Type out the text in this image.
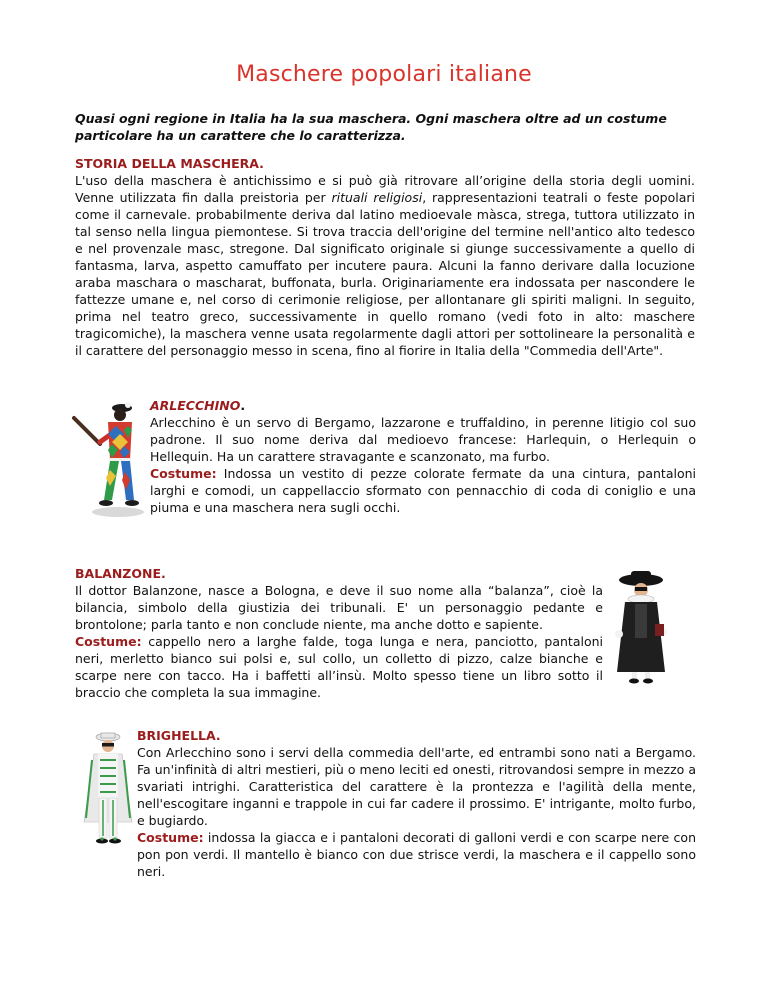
Maschere popolari italiane
Quasi ogni regione in Italia ha la sua maschera. Ogni maschera oltre ad un costume particolare ha un carattere che lo caratterizza.
STORIA DELLA MASCHERA.
L'uso della maschera è antichissimo e si può già ritrovare all’origine della storia degli uomini. Venne utilizzata fin dalla preistoria per rituali religiosi, rappresentazioni teatrali o feste popolari come il carnevale. probabilmente deriva dal latino medioevale màsca, strega, tuttora utilizzato in tal senso nella lingua piemontese. Si trova traccia dell'origine del termine nell'antico alto tedesco e nel provenzale masc, stregone. Dal significato originale si giunge successivamente a quello di fantasma, larva, aspetto camuffato per incutere paura. Alcuni la fanno derivare dalla locuzione araba maschara o mascharat, buffonata, burla. Originariamente era indossata per nascondere le fattezze umane e, nel corso di cerimonie religiose, per allontanare gli spiriti maligni. In seguito, prima nel teatro greco, successivamente in quello romano (vedi foto in alto: maschere tragicomiche), la maschera venne usata regolarmente dagli attori per sottolineare la personalità e il carattere del personaggio messo in scena, fino al fiorire in Italia della "Commedia dell'Arte".
ARLECCHINO.
Arlecchino è un servo di Bergamo, lazzarone e truffaldino, in perenne litigio col suo padrone. Il suo nome deriva dal medioevo francese: Harlequin, o Herlequin o Hellequin. Ha un carattere stravagante e scanzonato, ma furbo.
Costume: Indossa un vestito di pezze colorate fermate da una cintura, pantaloni larghi e comodi, un cappellaccio sformato con pennacchio di coda di coniglio e una piuma e una maschera nera sugli occhi.
BALANZONE.
Il dottor Balanzone, nasce a Bologna, e deve il suo nome alla “balanza”, cioè la bilancia, simbolo della giustizia dei tribunali. E' un personaggio pedante e brontolone; parla tanto e non conclude niente, ma anche dotto e sapiente.
Costume: cappello nero a larghe falde, toga lunga e nera, panciotto, pantaloni neri, merletto bianco sui polsi e, sul collo, un colletto di pizzo, calze bianche e scarpe nere con tacco. Ha i baffetti all’insù. Molto spesso tiene un libro sotto il braccio che completa la sua immagine.
BRIGHELLA.
Con Arlecchino sono i servi della commedia dell'arte, ed entrambi sono nati a Bergamo. Fa un'infinità di altri mestieri, più o meno leciti ed onesti, ritrovandosi sempre in mezzo a svariati intrighi. Caratteristica del carattere è la prontezza e l'agilità della mente, nell'escogitare inganni e trappole in cui far cadere il prossimo. E' intrigante, molto furbo, e bugiardo.
Costume: indossa la giacca e i pantaloni decorati di galloni verdi e con scarpe nere con pon pon verdi. Il mantello è bianco con due strisce verdi, la maschera e il cappello sono neri.
